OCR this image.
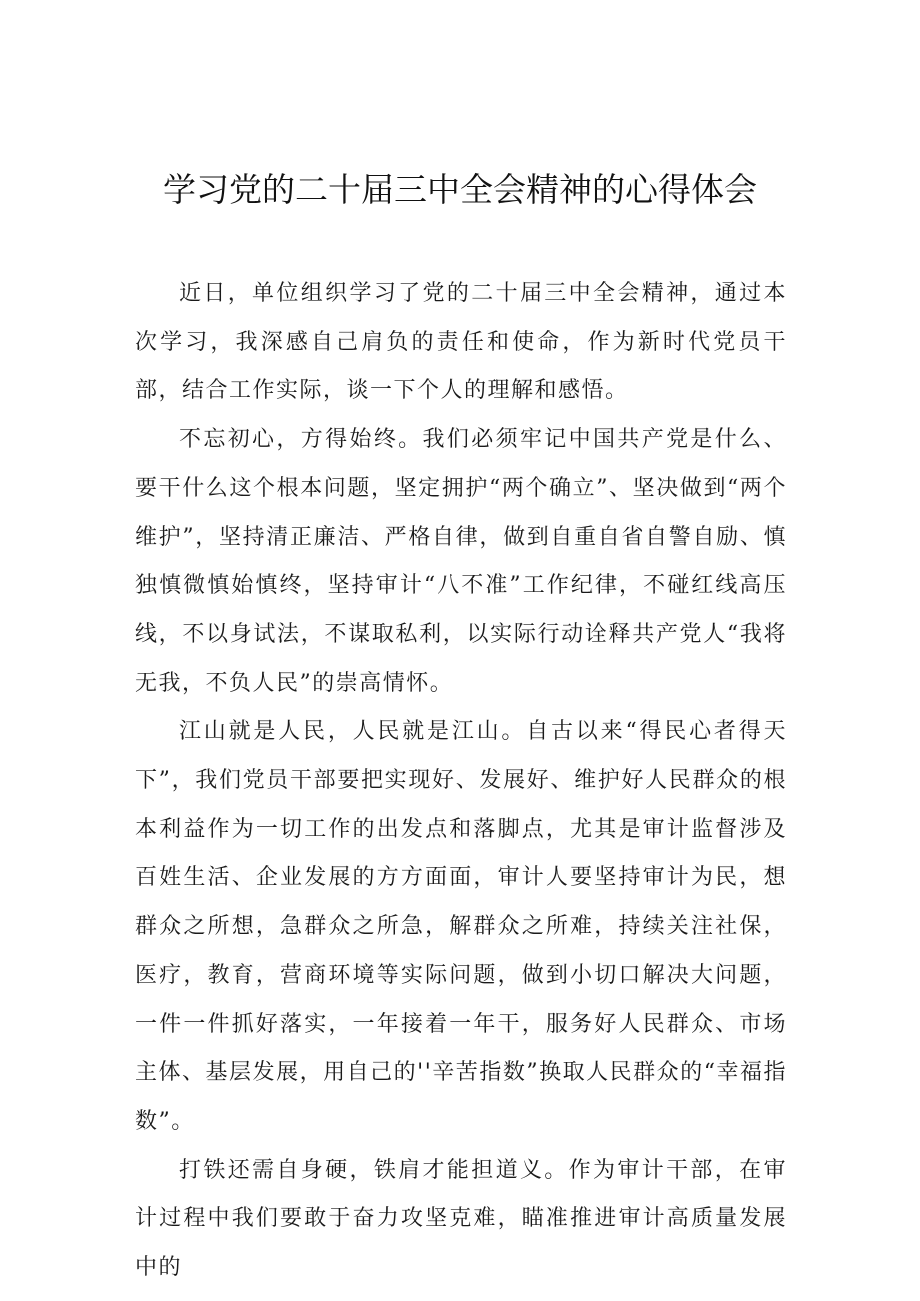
学习党的二十届三中全会精神的心得体会

近日，单位组织学习了党的二十届三中全会精神，通过本次学习，我深感自己肩负的责任和使命，作为新时代党员干部，结合工作实际，谈一下个人的理解和感悟。

不忘初心，方得始终。我们必须牢记中国共产党是什么、要干什么这个根本问题，坚定拥护“两个确立”、坚决做到“两个维护”，坚持清正廉洁、严格自律，做到自重自省自警自励、慎独慎微慎始慎终，坚持审计“八不准”工作纪律，不碰红线高压线，不以身试法，不谋取私利，以实际行动诠释共产党人“我将无我，不负人民”的崇高情怀。

江山就是人民，人民就是江山。自古以来“得民心者得天下”，我们党员干部要把实现好、发展好、维护好人民群众的根本利益作为一切工作的出发点和落脚点，尤其是审计监督涉及百姓生活、企业发展的方方面面，审计人要坚持审计为民，想群众之所想，急群众之所急，解群众之所难，持续关注社保，医疗，教育，营商环境等实际问题，做到小切口解决大问题，一件一件抓好落实，一年接着一年干，服务好人民群众、市场主体、基层发展，用自己的''辛苦指数”换取人民群众的“幸福指数”。

打铁还需自身硬，铁肩才能担道义。作为审计干部，在审计过程中我们要敢于奋力攻坚克难，瞄准推进审计高质量发展中的
